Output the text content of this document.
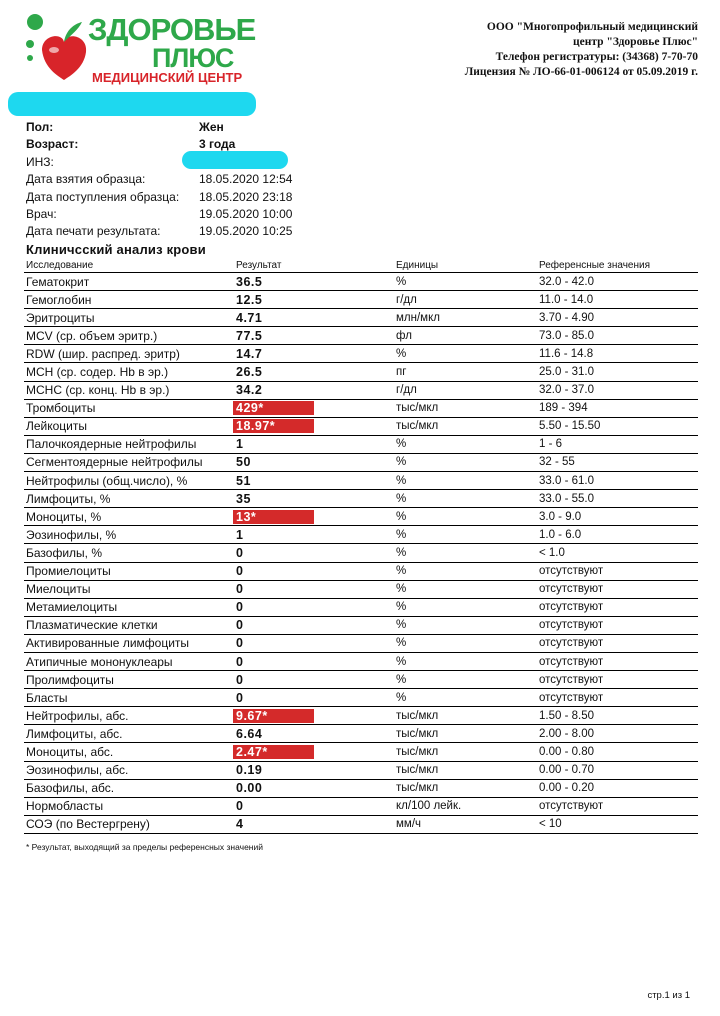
ЗДОРОВЬЕ
ПЛЮС
МЕДИЦИНСКИЙ ЦЕНТР
ООО "Многопрофильный медицинский
центр "Здоровье Плюс"
Телефон регистратуры: (34368) 7-70-70
Лицензия № ЛО-66-01-006124 от 05.09.2019 г.
Пол:	Жен
Возраст:	3 года
ИНЗ:
Дата взятия образца:	18.05.2020 12:54
Дата поступления образца: 18.05.2020 23:18
Врач:	19.05.2020 10:00
Дата печати результата:	19.05.2020 10:25
Клиничсский анализ крови
Исследование	Результат	Единицы	Референсные значения
Гематокрит	36.5	%	32.0 - 42.0
Гемоглобин	12.5	г/дл	11.0 - 14.0
Эритроциты	4.71	млн/мкл	3.70 - 4.90
MCV (ср. объем эритр.)	77.5	фл	73.0 - 85.0
RDW (шир. распред. эритр)	14.7	%	11.6 - 14.8
MCH (ср. содер. Hb в эр.)	26.5	пг	25.0 - 31.0
MCHC (ср. конц. Hb в эр.)	34.2	г/дл	32.0 - 37.0
Тромбоциты	429*	тыс/мкл	189 - 394
Лейкоциты	18.97*	тыс/мкл	5.50 - 15.50
Палочкоядерные нейтрофилы	1	%	1 - 6
Сегментоядерные нейтрофилы	50	%	32 - 55
Нейтрофилы (общ.число), %	51	%	33.0 - 61.0
Лимфоциты, %	35	%	33.0 - 55.0
Моноциты, %	13*	%	3.0 - 9.0
Эозинофилы, %	1	%	1.0 - 6.0
Базофилы, %	0	%	< 1.0
Промиелоциты	0	%	отсутствуют
Миелоциты	0	%	отсутствуют
Метамиелоциты	0	%	отсутствуют
Плазматические клетки	0	%	отсутствуют
Активированные лимфоциты	0	%	отсутствуют
Атипичные мононуклеары	0	%	отсутствуют
Пролимфоциты	0	%	отсутствуют
Бласты	0	%	отсутствуют
Нейтрофилы, абс.	9.67*	тыс/мкл	1.50 - 8.50
Лимфоциты, абс.	6.64	тыс/мкл	2.00 - 8.00
Моноциты, абс.	2.47*	тыс/мкл	0.00 - 0.80
Эозинофилы, абс.	0.19	тыс/мкл	0.00 - 0.70
Базофилы, абс.	0.00	тыс/мкл	0.00 - 0.20
Нормобласты	0	кл/100 лейк.	отсутствуют
СОЭ (по Вестергрену)	4	мм/ч	< 10
* Результат, выходящий за пределы референсных значений
стр.1 из 1
